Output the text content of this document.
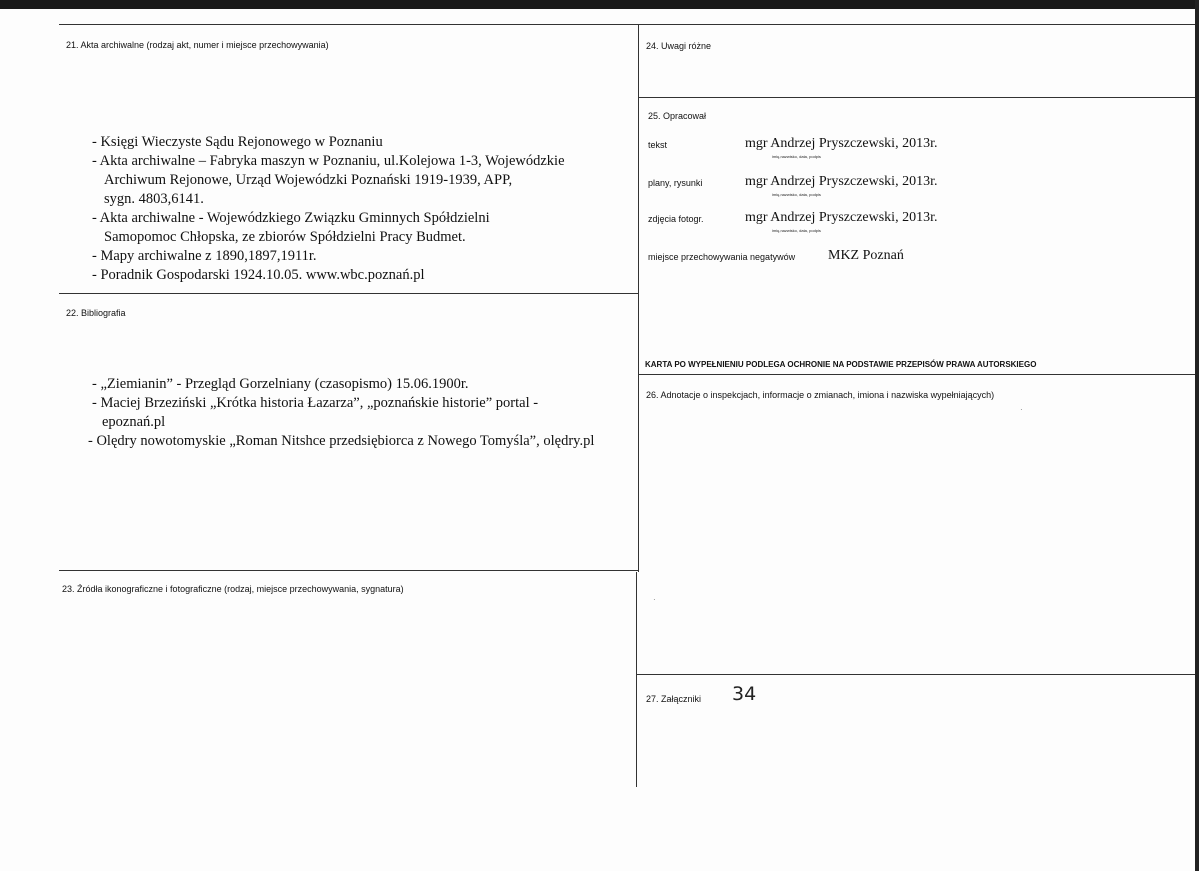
21. Akta archiwalne (rodzaj akt, numer i miejsce przechowywania)

- Księgi Wieczyste Sądu Rejonowego w Poznaniu

- Akta archiwalne – Fabryka maszyn w Poznaniu, ul.Kolejowa 1-3, Wojewódzkie

Archiwum Rejonowe, Urząd Wojewódzki Poznański 1919-1939, APP,

sygn. 4803,6141.

- Akta archiwalne - Wojewódzkiego Związku Gminnych Spółdzielni

Samopomoc Chłopska, ze zbiorów Spółdzielni Pracy Budmet.

- Mapy archiwalne z 1890,1897,1911r.

- Poradnik Gospodarski 1924.10.05. www.wbc.poznań.pl

22. Bibliografia

- „Ziemianin” - Przegląd Gorzelniany (czasopismo) 15.06.1900r.

- Maciej Brzeziński „Krótka historia Łazarza”, „poznańskie historie” portal -

epoznań.pl

- Olędry nowotomyskie „Roman Nitshce przedsiębiorca z Nowego Tomyśla”, olędry.pl

23. Źródła ikonograficzne i fotograficzne (rodzaj, miejsce przechowywania, sygnatura)
24. Uwagi różne
25. Opracował
tekst	mgr Andrzej Pryszczewski, 2013r.
imię,nazwisko, data, podpis
plany, rysunki	mgr Andrzej Pryszczewski, 2013r.
imię,nazwisko, data, podpis
zdjęcia fotogr.	mgr Andrzej Pryszczewski, 2013r.
imię,nazwisko, data, podpis
miejsce przechowywania negatywów MKZ Poznań
KARTA PO WYPEŁNIENIU PODLEGA OCHRONIE NA PODSTAWIE PRZEPISÓW PRAWA AUTORSKIEGO
26. Adnotacje o inspekcjach, informacje o zmianach, imiona i nazwiska wypełniających)
27. Załączniki 34
·
·
